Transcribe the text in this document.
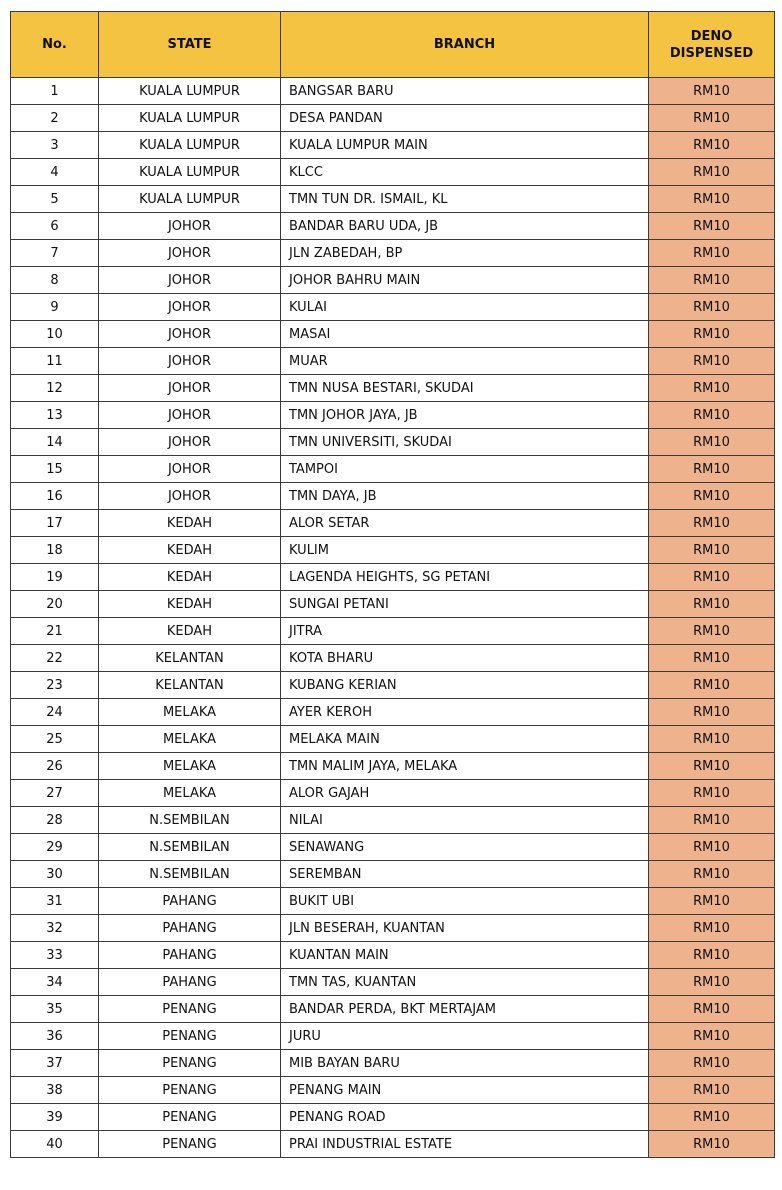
No.	STATE	BRANCH	DENO
DISPENSED

1	KUALA LUMPUR	BANGSAR BARU	RM10
2	KUALA LUMPUR	DESA PANDAN	RM10
3	KUALA LUMPUR	KUALA LUMPUR MAIN	RM10
4	KUALA LUMPUR	KLCC	RM10
5	KUALA LUMPUR	TMN TUN DR. ISMAIL, KL	RM10
6	JOHOR	BANDAR BARU UDA, JB	RM10
7	JOHOR	JLN ZABEDAH, BP	RM10
8	JOHOR	JOHOR BAHRU MAIN	RM10
9	JOHOR	KULAI	RM10
10	JOHOR	MASAI	RM10
11	JOHOR	MUAR	RM10
12	JOHOR	TMN NUSA BESTARI, SKUDAI	RM10
13	JOHOR	TMN JOHOR JAYA, JB	RM10
14	JOHOR	TMN UNIVERSITI, SKUDAI	RM10
15	JOHOR	TAMPOI	RM10
16	JOHOR	TMN DAYA, JB	RM10
17	KEDAH	ALOR SETAR	RM10
18	KEDAH	KULIM	RM10
19	KEDAH	LAGENDA HEIGHTS, SG PETANI	RM10
20	KEDAH	SUNGAI PETANI	RM10
21	KEDAH	JITRA	RM10
22	KELANTAN	KOTA BHARU	RM10
23	KELANTAN	KUBANG KERIAN	RM10
24	MELAKA	AYER KEROH	RM10
25	MELAKA	MELAKA MAIN	RM10
26	MELAKA	TMN MALIM JAYA, MELAKA	RM10
27	MELAKA	ALOR GAJAH	RM10
28	N.SEMBILAN	NILAI	RM10
29	N.SEMBILAN	SENAWANG	RM10
30	N.SEMBILAN	SEREMBAN	RM10
31	PAHANG	BUKIT UBI	RM10
32	PAHANG	JLN BESERAH, KUANTAN	RM10
33	PAHANG	KUANTAN MAIN	RM10
34	PAHANG	TMN TAS, KUANTAN	RM10
35	PENANG	BANDAR PERDA, BKT MERTAJAM	RM10
36	PENANG	JURU	RM10
37	PENANG	MIB BAYAN BARU	RM10
38	PENANG	PENANG MAIN	RM10
39	PENANG	PENANG ROAD	RM10
40	PENANG	PRAI INDUSTRIAL ESTATE	RM10
